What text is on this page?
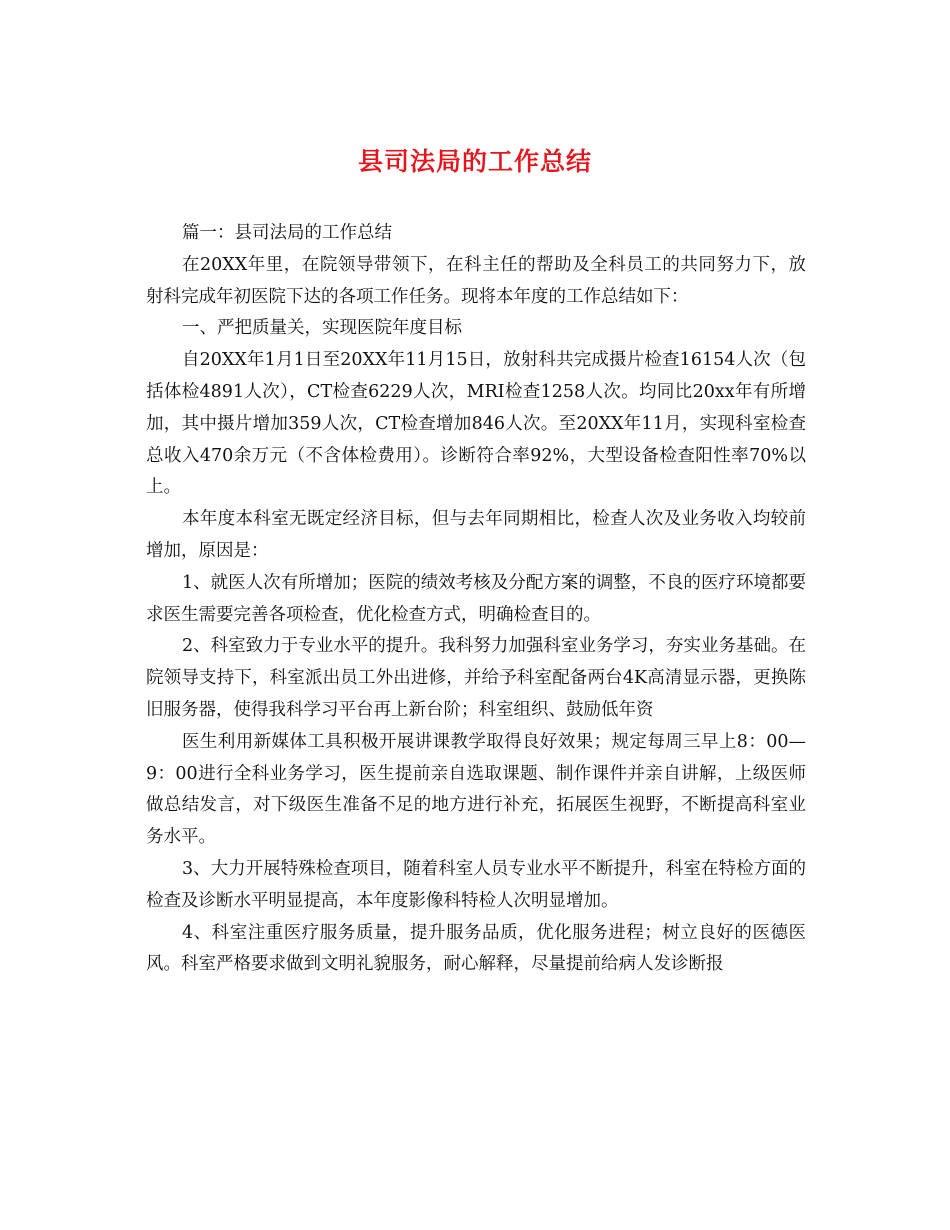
县司法局的工作总结

篇一：县司法局的工作总结

在20XX年里，在院领导带领下，在科主任的帮助及全科员工的共同努力下，放射科完成年初医院下达的各项工作任务。现将本年度的工作总结如下：

一、严把质量关，实现医院年度目标

自20XX年1月1日至20XX年11月15日，放射科共完成摄片检查16154人次（包括体检4891人次），CT检查6229人次，MRI检查1258人次。均同比20xx年有所增加，其中摄片增加359人次，CT检查增加846人次。至20XX年11月，实现科室检查总收入470余万元（不含体检费用）。诊断符合率92%，大型设备检查阳性率70%以上。

本年度本科室无既定经济目标，但与去年同期相比，检查人次及业务收入均较前增加，原因是：

1、就医人次有所增加；医院的绩效考核及分配方案的调整，不良的医疗环境都要求医生需要完善各项检查，优化检查方式，明确检查目的。

2、科室致力于专业水平的提升。我科努力加强科室业务学习，夯实业务基础。在院领导支持下，科室派出员工外出进修，并给予科室配备两台4K高清显示器，更换陈旧服务器，使得我科学习平台再上新台阶；科室组织、鼓励低年资

医生利用新媒体工具积极开展讲课教学取得良好效果；规定每周三早上8：00—9：00进行全科业务学习，医生提前亲自选取课题、制作课件并亲自讲解，上级医师做总结发言，对下级医生准备不足的地方进行补充，拓展医生视野，不断提高科室业务水平。

3、大力开展特殊检查项目，随着科室人员专业水平不断提升，科室在特检方面的检查及诊断水平明显提高，本年度影像科特检人次明显增加。

4、科室注重医疗服务质量，提升服务品质，优化服务进程；树立良好的医德医风。科室严格要求做到文明礼貌服务，耐心解释，尽量提前给病人发诊断报
